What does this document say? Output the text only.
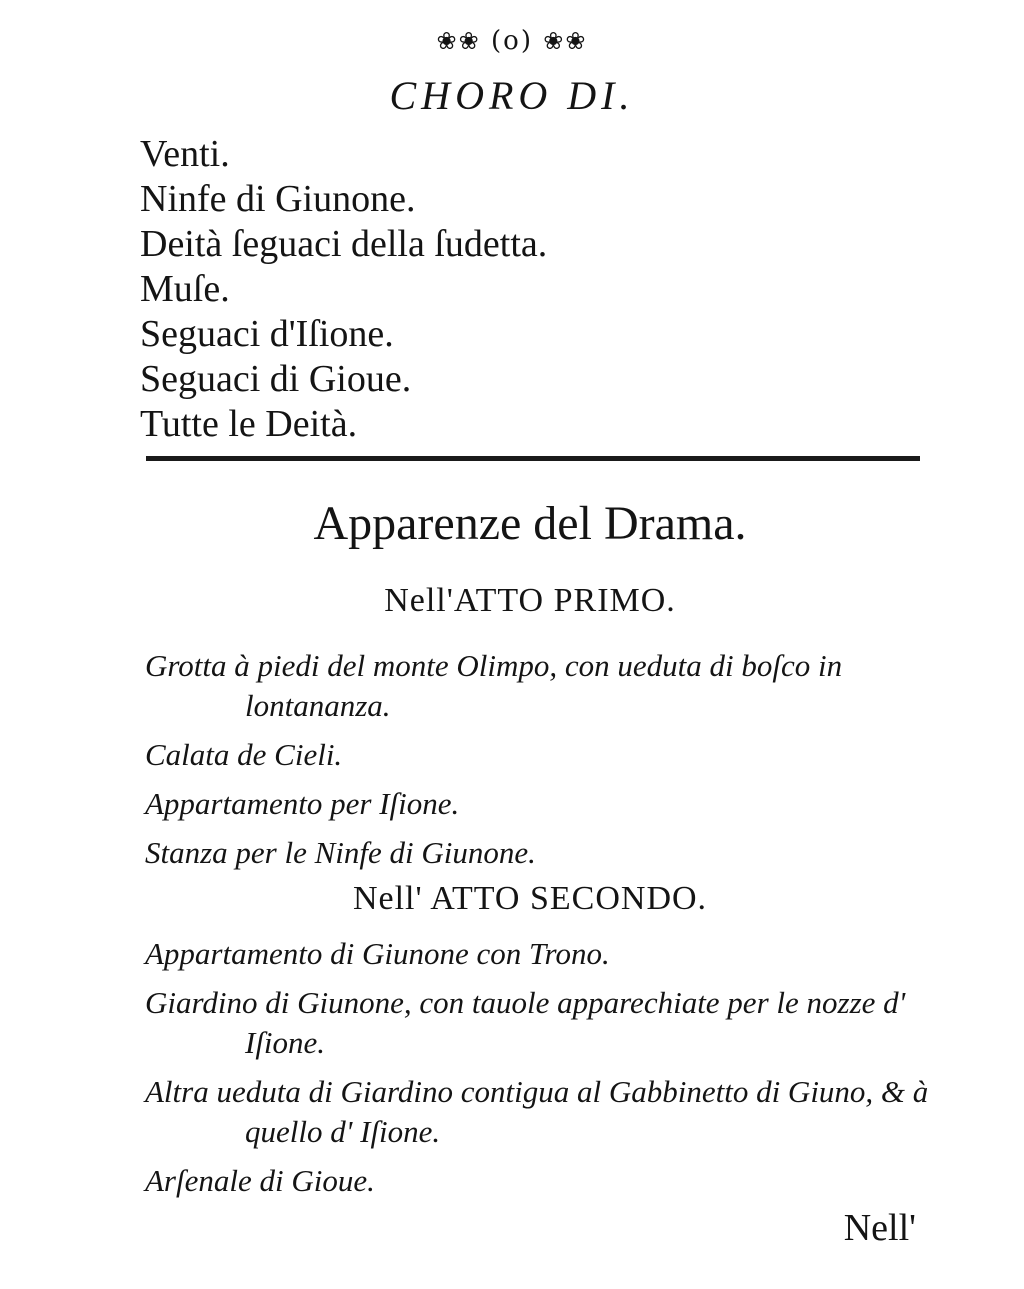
❀❀ (o) ❀❀
CHORO DI.
Venti.
Ninfe di Giunone.
Deità ſeguaci della ſudetta.
Muſe.
Seguaci d'Iſione.
Seguaci di Gioue.
Tutte le Deità.
Apparenze del Drama.
Nell'ATTO PRIMO.
Grotta à piedi del monte Olimpo, con ueduta di boſco in lontananza.
Calata de Cieli.
Appartamento per Iſione.
Stanza per le Ninfe di Giunone.
Nell' ATTO SECONDO.
Appartamento di Giunone con Trono.
Giardino di Giunone, con tauole apparechiate per le nozze d' Iſione.
Altra ueduta di Giardino contigua al Gabbinetto di Giuno, & à quello d' Iſione.
Arſenale di Gioue.
Nell'
